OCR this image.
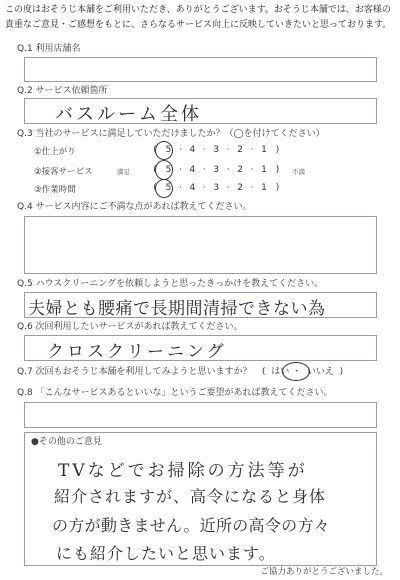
この度はおそうじ本舗をご利用いただき、ありがとうございます。おそうじ本舗では、お客様の
貴重なご意見・ご感想をもとに、さらなるサービス向上に反映していきたいと思っております。
Q.1 利用店舗名
Q.2 サービス依頼箇所
バスルーム全体
Q.3 当社のサービスに満足していただけましたか？（◯を付けてください）
①仕上がり	( 5 · 4 · 3 · 2 · 1 )
満足
②接客サービス	( 5 · 4 · 3 · 2 · 1 ) 不満
③作業時間	( 5 · 4 · 3 · 2 · 1 )
Q.4 サービス内容にご不満な点があれば教えてください。
Q.5 ハウスクリーニングを依頼しようと思ったきっかけを教えてください。
夫婦とも腰痛で長期間清掃できない為
Q.6 次回利用したいサービスがあれば教えてください。
クロスクリーニング
Q.7 次回もおそうじ本舗を利用してみようと思いますか？ (  はい ・ いいえ  )
Q.8 「こんなサービスあるといいな」というご要望があれば教えてください。
●その他のご意見
TVなどでお掃除の方法等が
紹介されますが、高令になると身体
の方が動きません。近所の高令の方々
にも紹介したいと思います。
ご協力ありがとうございました。
